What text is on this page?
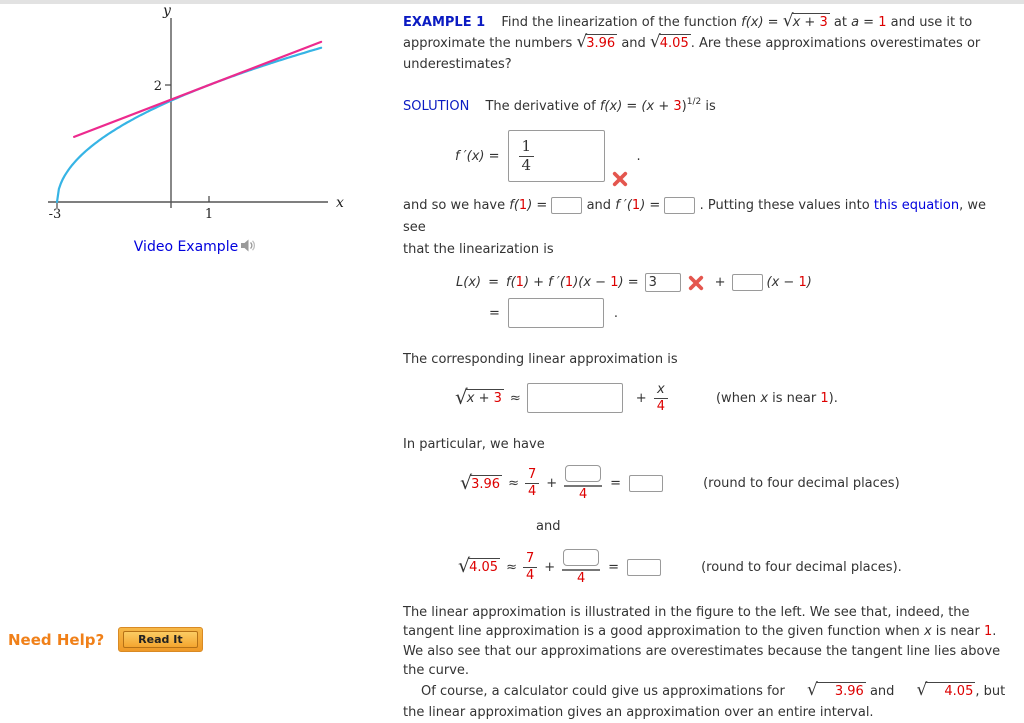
y
x
2
1
-3
Video Example

EXAMPLE 1 Find the linearization of the function f(x) = √ x + 3 at a = 1 and use it to approximate the numbers √ 3.96 and √ 4.05 . Are these approximations overestimates or underestimates?

SOLUTION The derivative of $f(x) = (x + 3)^{1/2}$ is

f $'(x) = \frac{1}{4}$	.

and so we have f(1) =	and f ′(1) =	. Putting these values into this equation, we see
that the linearization is

L(x) = f( 1 ) + f ′( 1 )(x −
1 ) =
3	+	(x −
1 )
=	.

The corresponding linear approximation is

√ x + 3 ≈	+ $\frac{x}{4}$	(when x is near 1).

In particular, we have

√ $3.96 \approx \frac{7}{4}$ +
4
=	(round to four decimal places)

and

√ $4.05 \approx \frac{7}{4}$ +
4
=	(round to four decimal places).

The linear approximation is illustrated in the figure to the left. We see that, indeed, the tangent line approximation is a good approximation to the given function when x is near 1. We also see that our approximations are overestimates because the tangent line lies above the curve.

Of course, a calculator could give us approximations for	√	3.96 and	√	4.05 , but the linear approximation gives an approximation over an entire interval.

Need Help?	Read It
